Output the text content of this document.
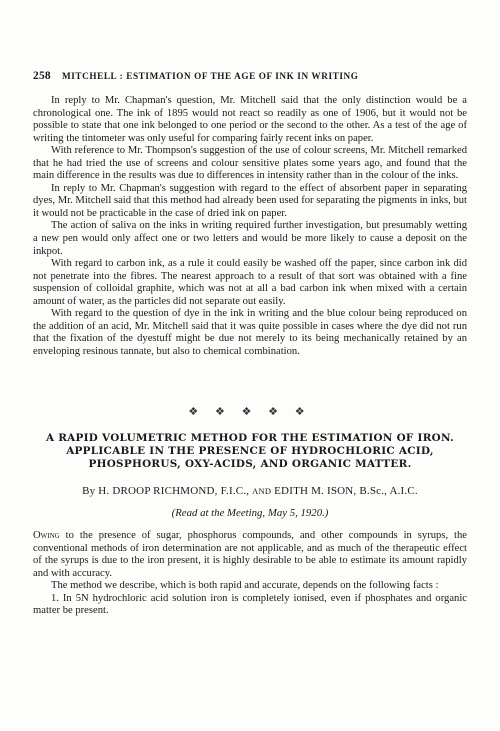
258 MITCHELL : ESTIMATION OF THE AGE OF INK IN WRITING

In reply to Mr. Chapman's question, Mr. Mitchell said that the only distinction would be a chronological one. The ink of 1895 would not react so readily as one of 1906, but it would not be possible to state that one ink belonged to one period or the second to the other. As a test of the age of writing the tintometer was only useful for comparing fairly recent inks on paper.

With reference to Mr. Thompson's suggestion of the use of colour screens, Mr. Mitchell remarked that he had tried the use of screens and colour sensitive plates some years ago, and found that the main difference in the results was due to differences in intensity rather than in the colour of the inks.

In reply to Mr. Chapman's suggestion with regard to the effect of absorbent paper in separating dyes, Mr. Mitchell said that this method had already been used for separating the pigments in inks, but it would not be practicable in the case of dried ink on paper.

The action of saliva on the inks in writing required further investigation, but presumably wetting a new pen would only affect one or two letters and would be more likely to cause a deposit on the inkpot.

With regard to carbon ink, as a rule it could easily be washed off the paper, since carbon ink did not penetrate into the fibres. The nearest approach to a result of that sort was obtained with a fine suspension of colloidal graphite, which was not at all a bad carbon ink when mixed with a certain amount of water, as the particles did not separate out easily.

With regard to the question of dye in the ink in writing and the blue colour being reproduced on the addition of an acid, Mr. Mitchell said that it was quite possible in cases where the dye did not run that the fixation of the dyestuff might be due not merely to its being mechanically retained by an enveloping resinous tannate, but also to chemical combination.

❖ ❖ ❖ ❖ ❖
A RAPID VOLUMETRIC METHOD FOR THE ESTIMATION OF IRON. APPLICABLE IN THE PRESENCE OF HYDROCHLORIC ACID, PHOSPHORUS, OXY-ACIDS, AND ORGANIC MATTER.
By H. DROOP RICHMOND, F.I.C., AND EDITH M. ISON, B.Sc., A.I.C.
(Read at the Meeting, May 5, 1920.)

Owing to the presence of sugar, phosphorus compounds, and other compounds in syrups, the conventional methods of iron determination are not applicable, and as much of the therapeutic effect of the syrups is due to the iron present, it is highly desirable to be able to estimate its amount rapidly and with accuracy.

The method we describe, which is both rapid and accurate, depends on the following facts :

1. In 5N hydrochloric acid solution iron is completely ionised, even if phosphates and organic matter be present.
